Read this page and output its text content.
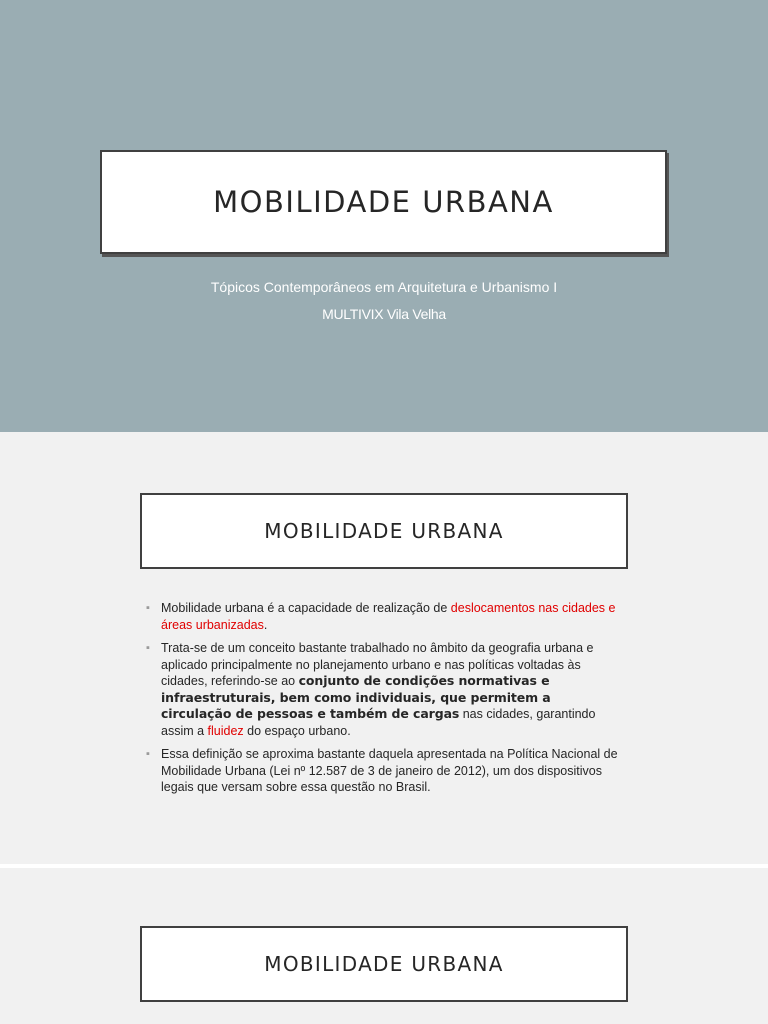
MOBILIDADE URBANA
Tópicos Contemporâneos em Arquitetura e Urbanismo I
MULTIVIX Vila Velha
MOBILIDADE URBANA
▪ Mobilidade urbana é a capacidade de realização de deslocamentos nas cidades e áreas urbanizadas.
▪ Trata-se de um conceito bastante trabalhado no âmbito da geografia urbana e aplicado principalmente no planejamento urbano e nas políticas voltadas às cidades, referindo-se ao conjunto de condições normativas e infraestruturais, bem como individuais, que permitem a circulação de pessoas e também de cargas nas cidades, garantindo assim a fluidez do espaço urbano.
▪ Essa definição se aproxima bastante daquela apresentada na Política Nacional de Mobilidade Urbana (Lei nº 12.587 de 3 de janeiro de 2012), um dos dispositivos legais que versam sobre essa questão no Brasil.
MOBILIDADE URBANA
